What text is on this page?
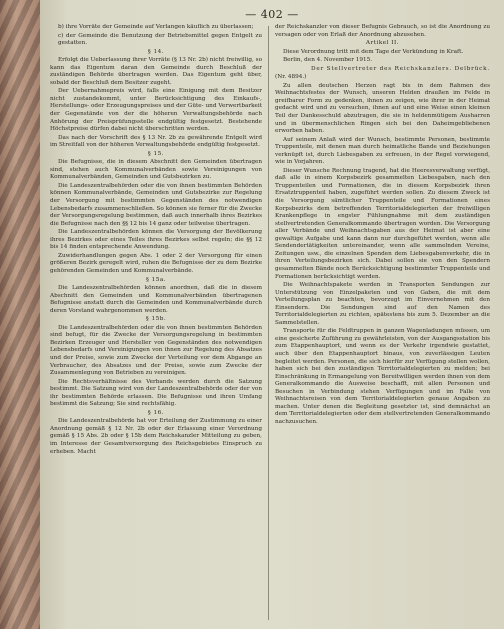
— 402 —

b) ihre Vorräte der Gemeinde auf Verlangen käuflich zu überlassen;

c) der Gemeinde die Benutzung der Betriebsmittel gegen Entgelt zu gestatten.

§ 14.

Erfolgt die Ueberlassung ihrer Vorräte (§ 13 Nr. 2b) nicht freiwillig, so kann das Eigentum daran den Gemeinde durch Beschluß der zuständigen Behörde übertragen werden. Das Eigentum geht über, sobald der Beschluß dem Besitzer zugeht.

Der Uebernahmepreis wird, falls eine Einigung mit dem Besitzer nicht zustandekommt, unter Berücksichtigung des Einkaufs-, Herstellungs- oder Erzeugungspreises und der Güte- und Verwertbarkeit der Gegenstände von der die höheren Verwaltungsbehörde nach Anhörung der Preisprüfungsstelle endgültig festgesetzt. Bestehende Höchstpreise dürfen dabei nicht überschritten werden.

Das nach der Vorschrift des § 13 Nr. 2b zu gewährende Entgelt wird im Streitfall von der höheren Verwaltungsbehörde endgültig festgesetzt.

§ 15.

Die Befugnisse, die in diesem Abschnitt den Gemeinden übertragen sind, stehen auch Kommunalverbänden sowie Vereinigungen von Kommunalverbänden, Gemeinden und Gutsbezirken zu.

Die Landeszentralbehörden oder die von ihnen bestimmten Behörden können Kommunalverbände, Gemeinden und Gutsbezirke zur Regelung der Versorgung mit bestimmten Gegenständen des notwendigen Lebensbedarfs zusammenschließen. So können sie ferner für die Zwecke der Versorgungsregelung bestimmen, daß auch innerhalb ihres Bezirkes die Befugnisse nach den §§ 12 bis 14 ganz oder teilweise übertragen.

Die Landeszentralbehörden können die Versorgung der Bevölkerung ihres Bezirkes oder eines Teiles ihres Bezirkes selbst regeln; die §§ 12 bis 14 finden entsprechende Anwendung.

Zuwiderhandlungen gegen Abs. 1 oder 2 der Versorgung für einen größeren Bezirk geregelt wird, ruhen die Befugnisse der zu dem Bezirke gehörenden Gemeinden und Kommunalverbände.

§ 15a.

Die Landeszentralbehörden können anordnen, daß die in diesem Abschnitt den Gemeinden und Kommunalverbänden übertragenen Befugnisse anstatt durch die Gemeinden und Kommunalverbände durch deren Vorstand wahrgenommen werden.

§ 15b.

Die Landeszentralbehörden oder die von ihnen bestimmten Behörden sind befugt, für die Zwecke der Versorgungsregelung in bestimmten Bezirken Erzeuger und Hersteller von Gegenständen des notwendigen Lebensbedarfs und Vereinigungen von ihnen zur Regelung des Absatzes und der Preise, sowie zum Zwecke der Verteilung vor dem Abgange an Verbraucher, des Absatzes und der Preise, sowie zum Zwecke der Zusammenlegung von Betrieben zu vereinigen.

Die Rechtsverhältnisse des Verbands werden durch die Satzung bestimmt. Die Satzung wird von der Landeszentralbehörde oder der von ihr bestimmten Behörde erlassen. Die Befugnisse und ihren Umfang bestimmt die Satzung; Sie sind rechtsfähig.

§ 16.

Die Landeszentralbehörde hat vor Erteilung der Zustimmung zu einer Anordnung gemäß § 12 Nr. 2b oder der Erlassung einer Verordnung gemäß § 15 Abs. 2b oder § 15b dem Reichskanzler Mitteilung zu geben, im Interesse der Gesamtversorgung des Reichsgebietes Einspruch zu erheben. Macht

der Reichskanzler von dieser Befugnis Gebrauch, so ist die Anordnung zu versagen oder von Erlaß der Anordnung abzusehen.

Artikel II.

Diese Verordnung tritt mit dem Tage der Verkündung in Kraft.

Berlin, den 4. November 1915.

Der Stellvertreter des Reichskanzlers. Delbrück.

(Nr. 4894.)

Zu allen deutschen Herzen ragt bis in dem Rahmen des Weihnachtsfestes der Wunsch, unseren Helden draußen im Felde in greifbarer Form zu gedenken, ihnen zu zeigen, wie ihrer in der Heimat gedacht wird und zu versuchen, ihnen auf und eine Weise einen kleinen Teil der Dankesschuld abzutragen, die sie in heldenmütigem Ausharren und in übermenschlichen Ringen sich bei den Daheimgebliebenen erworben haben.

Auf seinem Anlaß wird der Wunsch, bestimmte Personen, bestimmte Truppenteile, mit denen man durch heimatliche Bande und Beziehungen verknüpft ist, durch Liebesgaben zu erfreuen, in der Regel vorwiegend, wie in Vorjahren.

Dieser Wunsche Rechnung tragend, hat die Heeresverwaltung verfügt, daß alle in einem Korpsbezirk gesammelten Liebesgaben, nach den Truppenteilen und Formationen, die in diesem Korpsbezirk ihren Ersatztruppenteil haben, zugeführt werden sollen. Zu diesem Zweck ist die Versorgung sämtlicher Truppenteile und Formationen eines Korpsbezirks dem betreffenden Territorialdelegierten der freiwilligen Krankenpflege in engster Fühlungnahme mit dem zuständigen stellvertretenden Generalkommando übertragen worden. Die Versorgung aller Verbände und Weihnachtsgaben aus der Heimat ist aber eine gewaltige Aufgabe und kann dann nur durchgeführt werden, wenn alle Sendendertätigkeiten untereinander, wenn alle sammelnden Vereine, Zeitungen usw., die einzelnen Spenden dem Liebesgabenverkehr, die in ihren Verteilungsbezirken sich. Dabei sollen sie von den Spendern gesammelten Bände noch Berücksichtigung bestimmter Truppenteile und Formationen berücksichtigt werden.

Die Weihnachtspakete werden in Transporten Sendungen zur Unterstützung von Einzelpaketen und von Gaben, die mit dem Verteilungsplan zu beachten, bevorzugt im Einvernehmen mit den Einsendern. Die Sendungen sind auf den Namen des Territorialdelegierten zu richten, spätestens bis zum 5. Dezember an die Sammelstellen.

Transporte für die Feldtruppen in ganzen Wagenladungen müssen, um eine gesicherte Zuführung zu gewährleisten, von der Ausgangsstation bis zum Etappenhauptort, und wenn es der Verkehr irgendwie gestattet, auch über den Etappenhauptort hinaus, von zuverlässigen Leuten begleitet werden. Personen, die sich hierfür zur Verfügung stellen wollen, haben sich bei den zuständigen Territorialdelegierten zu melden; bei Einschränkung in Ermangelung von Bereitwilligen werden ihnen von dem Generalkommando die Ausweise beschafft, mit allen Personen und Besuchen in Verbindung stehen Verfügungen und im Falle von Weihnachtsreisen von dem Territorialdelegierten genaue Angaben zu machen. Unter denen die Begleitung gesetzter ist, sind demnächst an dem Territorialdelegierten oder dem stellvertretenden Generalkommando nachzusuchen.
